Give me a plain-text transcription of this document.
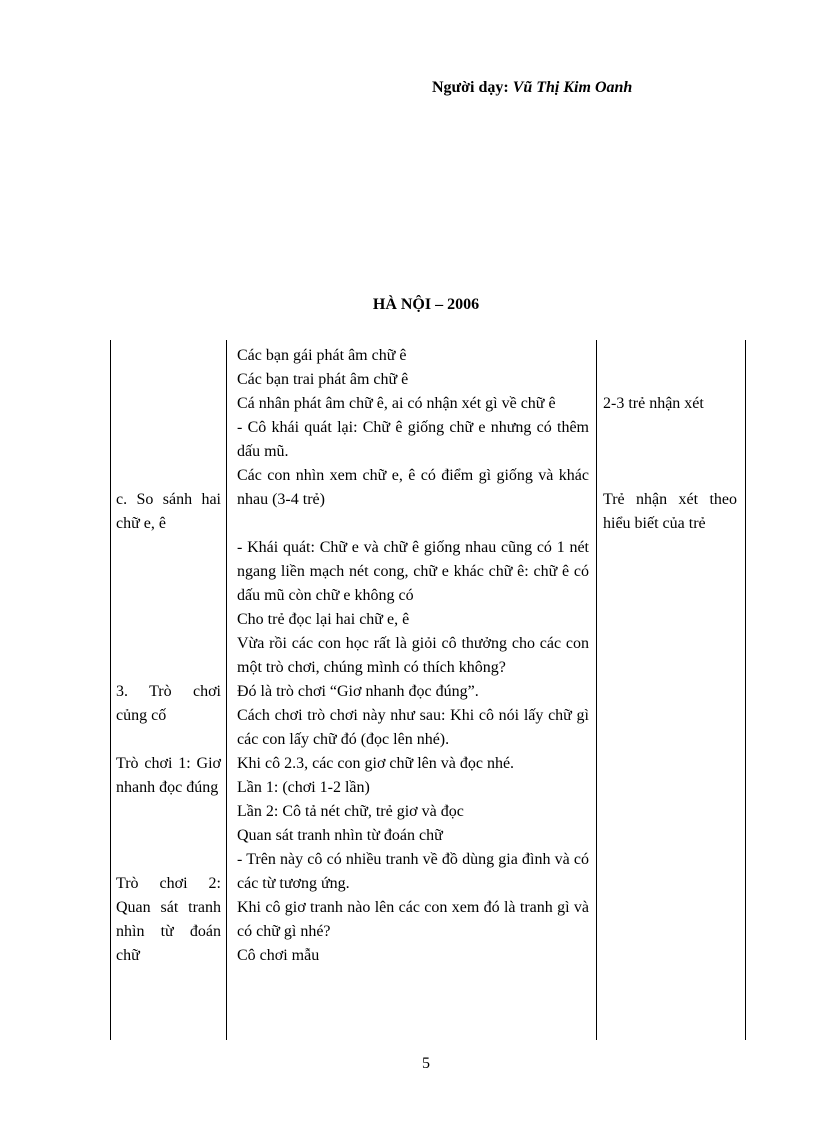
Người dạy: Vũ Thị Kim Oanh
HÀ NỘI – 2006

c. So sánh hai chữ e, ê

3. Trò chơi củng cố

Trò chơi 1: Giơ nhanh đọc đúng

Trò chơi 2: Quan sát tranh nhìn từ đoán chữ

Các bạn gái phát âm chữ ê

Các bạn trai phát âm chữ ê

Cá nhân phát âm chữ ê, ai có nhận xét gì về chữ ê

- Cô khái quát lại: Chữ ê giống chữ e nhưng có thêm dấu mũ.

Các con nhìn xem chữ e, ê có điểm gì giống và khác nhau (3-4 trẻ)

- Khái quát: Chữ e và chữ ê giống nhau cũng có 1 nét ngang liền mạch nét cong, chữ e khác chữ ê: chữ ê có dấu mũ còn chữ e không có

Cho trẻ đọc lại hai chữ e, ê

Vừa rồi các con học rất là giỏi cô thưởng cho các con một trò chơi, chúng mình có thích không?

Đó là trò chơi “Giơ nhanh đọc đúng”.

Cách chơi trò chơi này như sau: Khi cô nói lấy chữ gì các con lấy chữ đó (đọc lên nhé).

Khi cô 2.3, các con giơ chữ lên và đọc nhé.

Lần 1: (chơi 1-2 lần)

Lần 2: Cô tả nét chữ, trẻ giơ và đọc

Quan sát tranh nhìn từ đoán chữ

- Trên này cô có nhiều tranh về đồ dùng gia đình và có các từ tương ứng.

Khi cô giơ tranh nào lên các con xem đó là tranh gì và có chữ gì nhé?

Cô chơi mẫu

2-3 trẻ nhận xét

Trẻ nhận xét theo hiểu biết của trẻ

5
